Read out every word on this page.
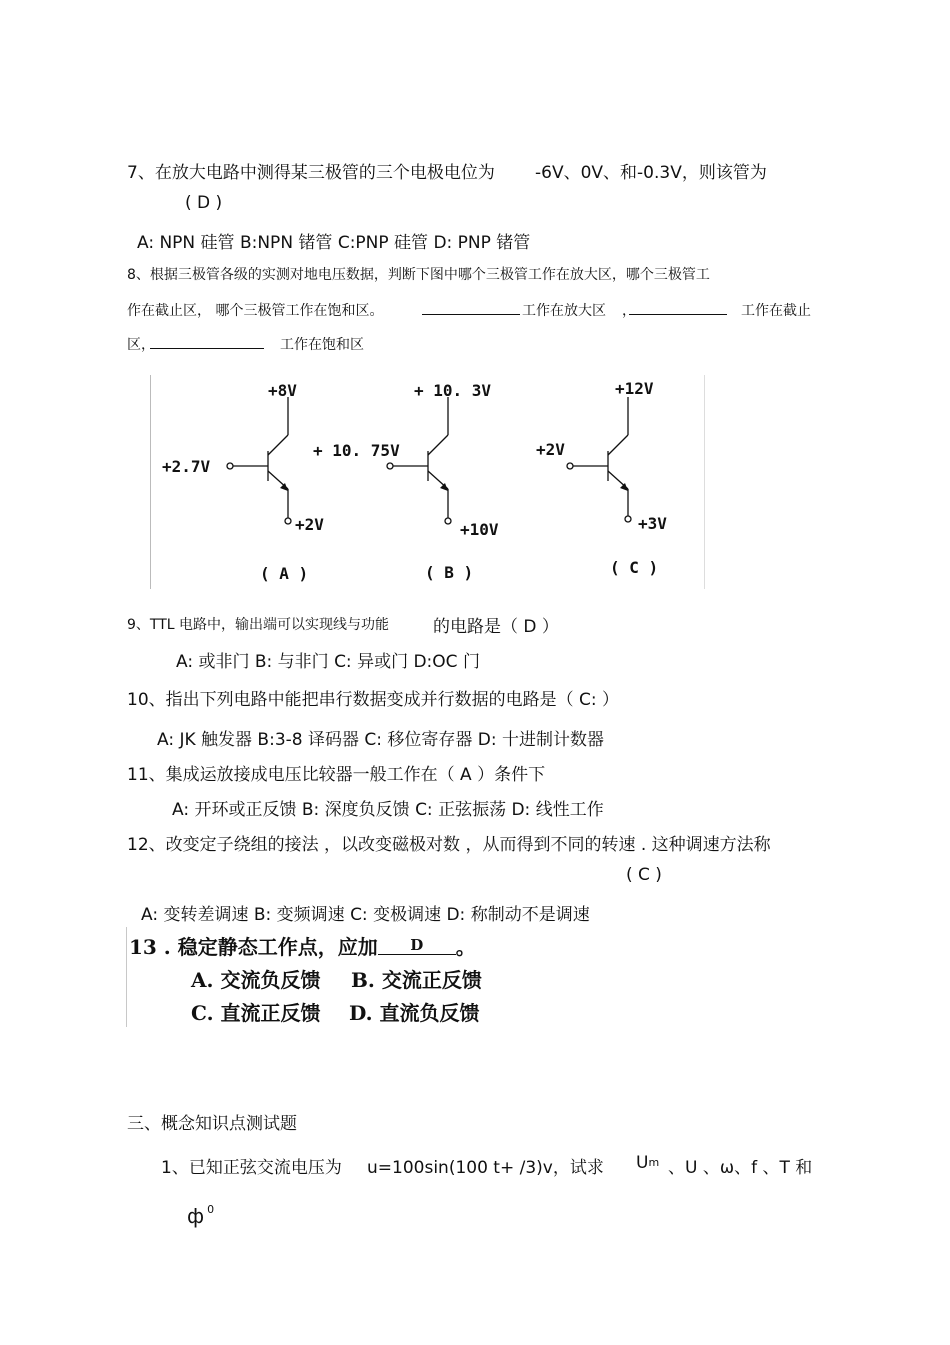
7、在放大电路中测得某三极管的三个电极电位为 -6V、0V、和-0.3V，则该管为
( D )
A: NPN 硅管 B:NPN 锗管 C:PNP 硅管 D: PNP 锗管
8、根据三极管各级的实测对地电压数据，判断下图中哪个三极管工作在放大区，哪个三极管工
作在截止区， 哪个三极管工作在饱和区。	工作在放大区 ，	工作在截止
区，	工作在饱和区
+8V
+2.7V
+2V
( A )
+ 10. 3V
+ 10. 75V
+10V
( B )
+12V
+2V
+3V
( C )
9、TTL 电路中，输出端可以实现线与功能	的电路是（ D ）
A: 或非门 B: 与非门 C: 异或门 D:OC 门
10、指出下列电路中能把串行数据变成并行数据的电路是（ C: ）
A: JK 触发器 B:3-8 译码器 C: 移位寄存器 D: 十进制计数器
11、集成运放接成电压比较器一般工作在（ A ）条件下
A: 开环或正反馈 B: 深度负反馈 C: 正弦振荡 D: 线性工作
12、改变定子绕组的接法 ，以改变磁极对数 ，从而得到不同的转速 . 这种调速方法称
( C )
A: 变转差调速 B: 变频调速 C: 变极调速 D: 称制动不是调速
13 . 稳定静态工作点，应加 D 。
A. 交流负反馈 B. 交流正反馈
C. 直流正反馈 D. 直流负反馈
三、概念知识点测试题
1、已知正弦交流电压为 u=100sin(100 t+ /3)v，试求 Um 、U 、ω、f 、T 和
ф $^0$
